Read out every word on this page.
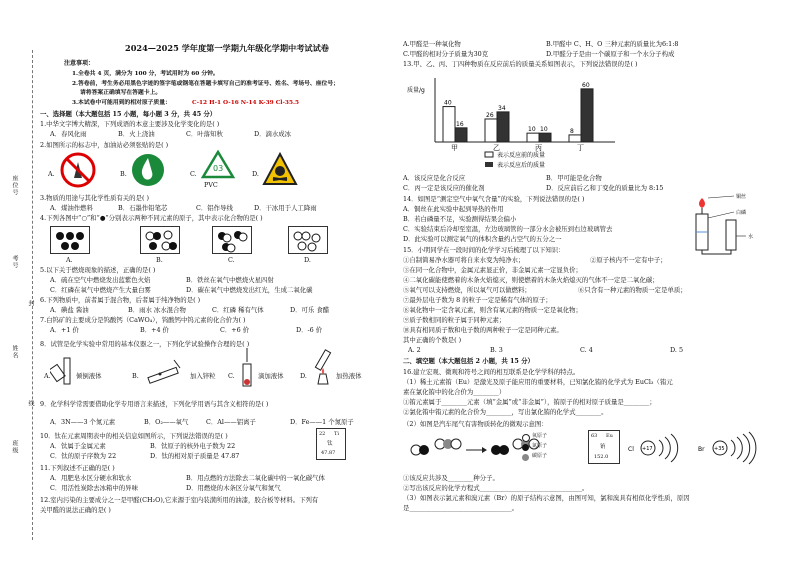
座位号
考号
封
姓名
线
班级
2024—2025 学年度第一学期九年级化学期中考试试卷
注意事项：
1.全卷共 4 页，满分为 100 分，考试用时为 60 分钟。
2.答卷前，考生务必用黑色字迹的签字笔或钢笔在答题卡填写自己的准考证号、姓名、考场号、座位号；
请将答案正确填写在答题卡上。
3.本试卷中可能用到的相对原子质量：	C-12 H-1 O-16 N-14 K-39 Cl-35.5
一、选择题（本大题包括 15 小题，每小题 3 分，共 45 分）
1.中华文字博大精深，下列成语的本意主要涉及化学变化的是( )
A．春风化雨	B．火上浇油	C．叶落知秋	D．滴水成冰
2.如图所示的标志中，加油站必须张贴的是( )
A.	B.	C.
03
PVC
D.
3.物质的用途与其化学性质有关的是( )
A．煤油作燃料	B．石墨作铅笔芯	C．铝作导线	D．干冰用于人工降雨
4.下列各图中“○”和“●”分别表示两种不同元素的原子，其中表示化合物的是( )
A.	B.	C.	D.
5.以下关于燃烧现象的描述，正确的是( )
A．硫在空气中燃烧发出蓝紫色火焰	B．铁丝在氧气中燃烧火星四射
C．红磷在氧气中燃烧产生大量白雾	D．碳在氧气中燃烧发出红光，生成二氧化碳
6.下列物质中，前者属于混合物，后者属于纯净物的是( )
A．碘盐 酱油	B．雨水 冰水混合物	C．红磷 稀有气体	D．可乐 食醋
7.白钨矿的主要成分是钨酸钙（CaWO₄），钨酸钙中钨元素的化合价为( )
A．+1 价	B．+4 价	C．+6 价	D．-6 价
8．试管是化学实验中常用的基本仪器之一，下列化学试验操作合理的是( )
A.	倾倒液体	B.	加入锌粒 C.	滴加液体	D.	加热液体
9．化学科学常需要借助化学专用语言来描述，下列化学用语与其含义相符的是( )
A．3N——3 个氮元素	B．O₂——氧气	C．Al——铝离子	D．Fe——1 个氮原子
10．钛在元素周期表中的相关信息如图所示，下列说法错误的是( )
A．钛属于金属元素	B．钛原子的核外电子数为 22
C．钛的原子序数为 22	D．钛的相对原子质量是 47.87
22 Ti
钛
47.87
11.下列叙述不正确的是( )
A．用肥皂水区分硬水和软水	B．用点燃的方法除去二氧化碳中的一氧化碳气体
C．用活性炭除去冰箱中的异味	D．用燃烧的木条区分氧气和氮气
12.室内污染的主要成分之一是甲醛(CH₂O),它来源于室内装潢所用的油漆，胶合板等材料。下列有
关甲醛的说法正确的是( )
A.甲醛是一种氧化物	B.甲醛中 C、H、O 三种元素的质量比为6:1:8
C.甲醛的相对分子质量为30克	D.甲醛分子是由一个碳原子和一个水分子构成
13.甲、乙、丙、丁四种物质在反应前后的质量关系如图表示，下列说法错误的是( )
质量/g
表示反应前的质量
表示反应后的质量
40
16
甲
26
34
乙
10 10
丙
8
60
丁
A．该反应是化合反应	B．甲可能是化合物
C．丙一定是该反应的催化剂	D．反应前后乙和丁变化的质量比为 8:15
14．如图是“测定空气中氧气含量”的实验，下列说法错误的是( )
A．铜丝在此实验中起到导热的作用
B．若白磷量不足，实验测得结果会偏小
C．实验结束后冷却至室温，左边玻璃管的一部分水会被压到右边玻璃管去
D．此实验可以测定氧气的体积含量约占空气的五分之一
铜丝
白磷
水
15．小明同学在一段时间的化学学习后梳理了以下知识：
①自制简易净水器可将自来水变为纯净水；	②原子核内不一定有中子；
③在同一化合物中，金属元素显正价，非金属元素一定显负价；
④二氧化碳能使燃着的木条火焰熄灭，则使燃着的木条火焰熄灭的气体不一定是二氧化碳；
⑤氧气可以支持燃烧，所以氧气可以做燃料；	⑥只含有一种元素的物质一定是单质；
⑦最外层电子数为 8 的粒子一定是稀有气体的原子；
⑧氧化物中一定含氧元素，则含有氧元素的物质一定是氧化物；
⑨质子数相同的粒子属于同种元素；
⑩具有相同质子数和电子数的两种粒子一定是同种元素。
其中正确的个数是( )
A. 2	B. 3	C. 4	D. 5
二、填空题（本大题包括 2 小题，共 15 分）
16.建立宏观、微观和符号之间的相互联系是化学学科的特点。
（1）稀土元素铕（Eu）是激光及原子能应用的重要材料，已知氯化铕的化学式为 EuCl₃（铕元
素在氯化铕中的化合价为________）
①铕元素属于________元素（填“金属”或“非金属”），铕原子的相对原子质量是________；
②氯化铕中铕元素的化合价为________，写出氯化铕的化学式________。
（2）如图是汽车尾气有害物质转化的微观示意图：
氧原子
氮原子
碳原子
63 Eu
铕
152.0
Cl +17	Br +35
①该反应共涉及________种分子。
②写出该反应的化学方程式________________________________。
（3）如图表示氯元素和溴元素（Br）的原子结构示意图，由图可知，氯和溴具有相似化学性质，原因
是________________________________。
